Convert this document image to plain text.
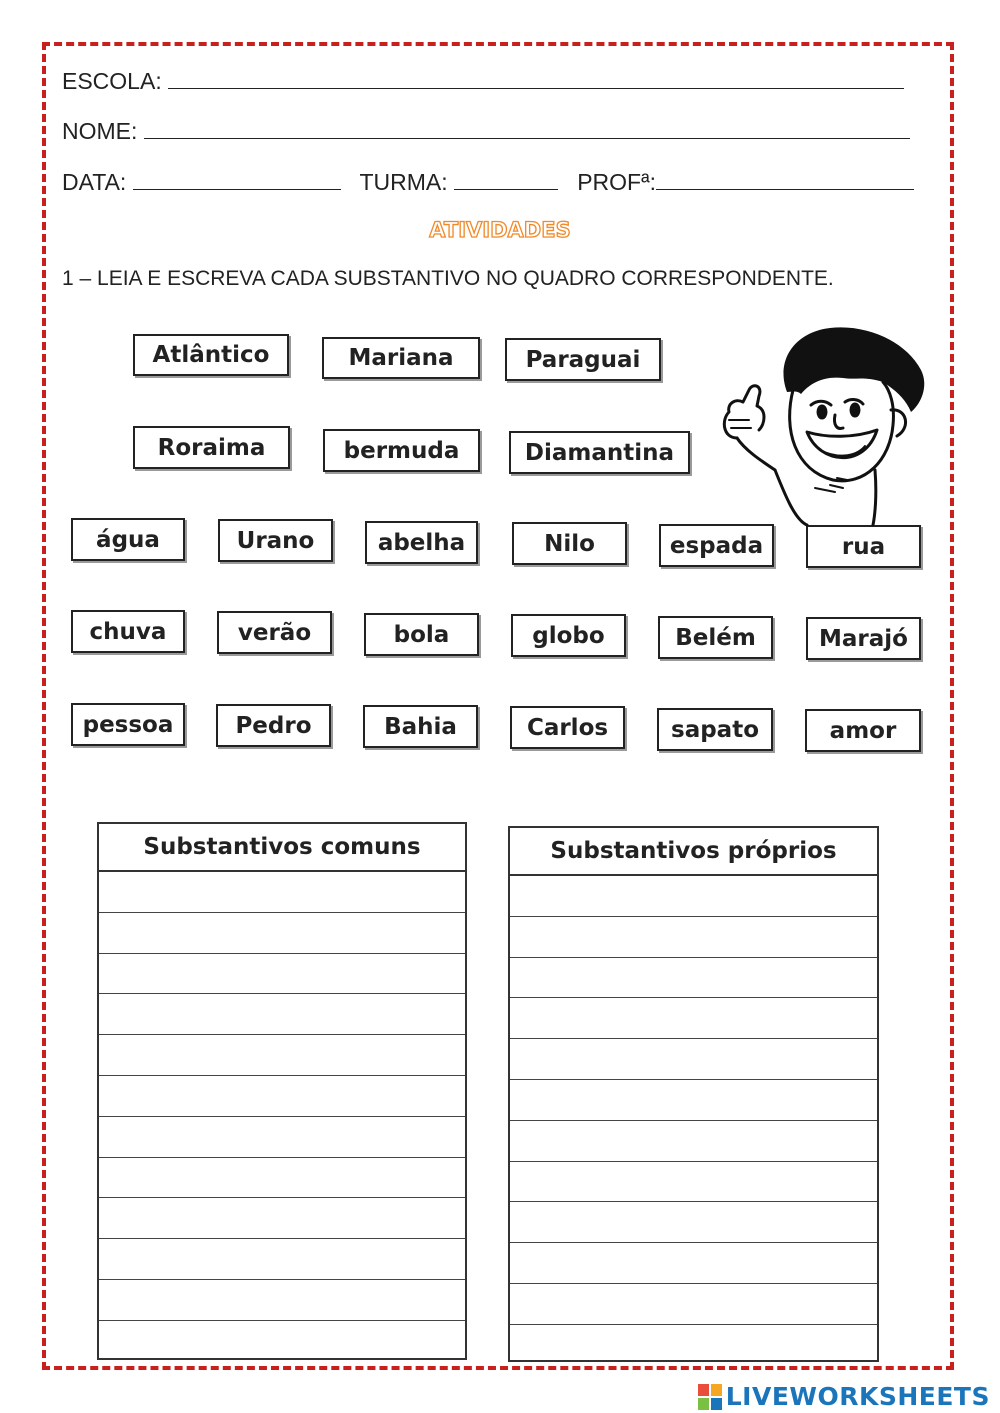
ESCOLA:
NOME:
DATA:	TURMA:	PROFª:
ATIVIDADES
1 – LEIA E ESCREVA CADA SUBSTANTIVO NO QUADRO CORRESPONDENTE.
Atlântico	Mariana	Paraguai
Roraima	bermuda	Diamantina
água	Urano	abelha	Nilo	espada	rua
chuva	verão	bola	globo	Belém	Marajó
pessoa	Pedro	Bahia	Carlos	sapato	amor
Substantivos comuns	Substantivos próprios
LIVEWORKSHEETS
